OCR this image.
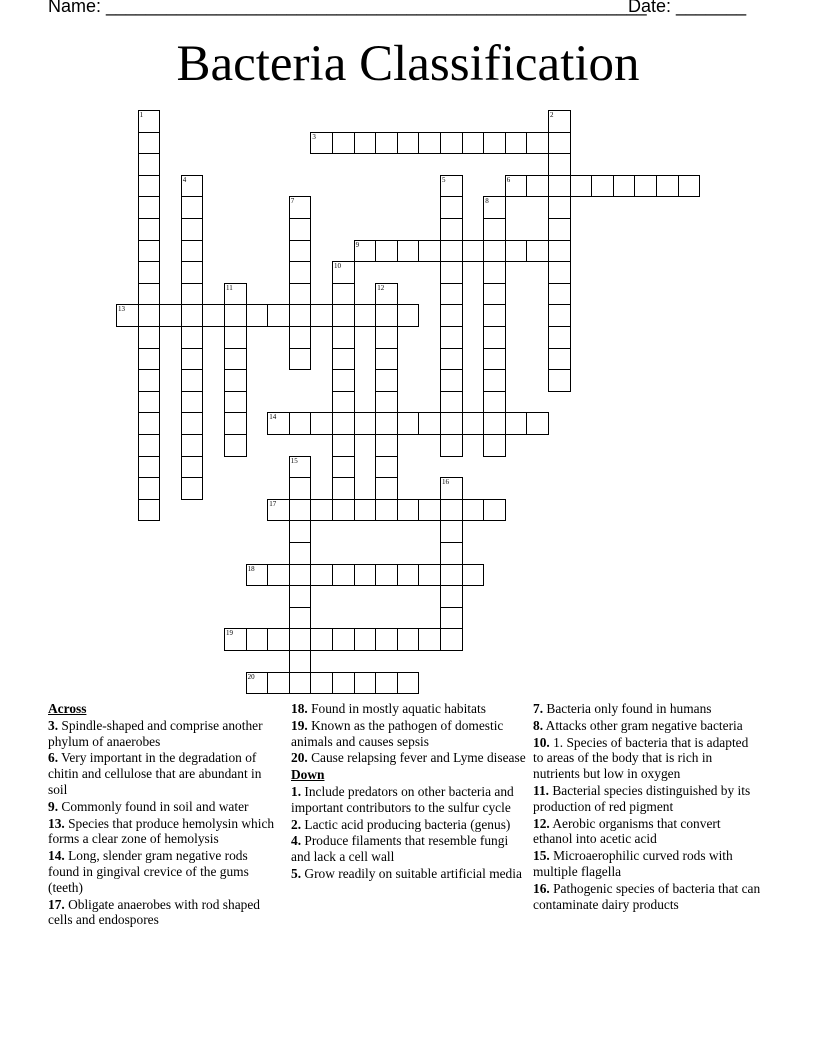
Name: ______________________________________________________
Date: _______
Bacteria Classification
1	2
3
4	5	6
7	8
9
10
11	12
13
14
15
16
17
18
19
20
Across
3. Spindle-shaped and comprise another phylum of anaerobes
6. Very important in the degradation of chitin and cellulose that are abundant in soil
9. Commonly found in soil and water
13. Species that produce hemolysin which forms a clear zone of hemolysis
14. Long, slender gram negative rods found in gingival crevice of the gums (teeth)
17. Obligate anaerobes with rod shaped cells and endospores
18. Found in mostly aquatic habitats
19. Known as the pathogen of domestic animals and causes sepsis
20. Cause relapsing fever and Lyme disease
Down
1. Include predators on other bacteria and important contributors to the sulfur cycle
2. Lactic acid producing bacteria (genus)
4. Produce filaments that resemble fungi and lack a cell wall
5. Grow readily on suitable artificial media
7. Bacteria only found in humans
8. Attacks other gram negative bacteria
10. 1. Species of bacteria that is adapted to areas of the body that is rich in nutrients but low in oxygen
11. Bacterial species distinguished by its production of red pigment
12. Aerobic organisms that convert ethanol into acetic acid
15. Microaerophilic curved rods with multiple flagella
16. Pathogenic species of bacteria that can contaminate dairy products
